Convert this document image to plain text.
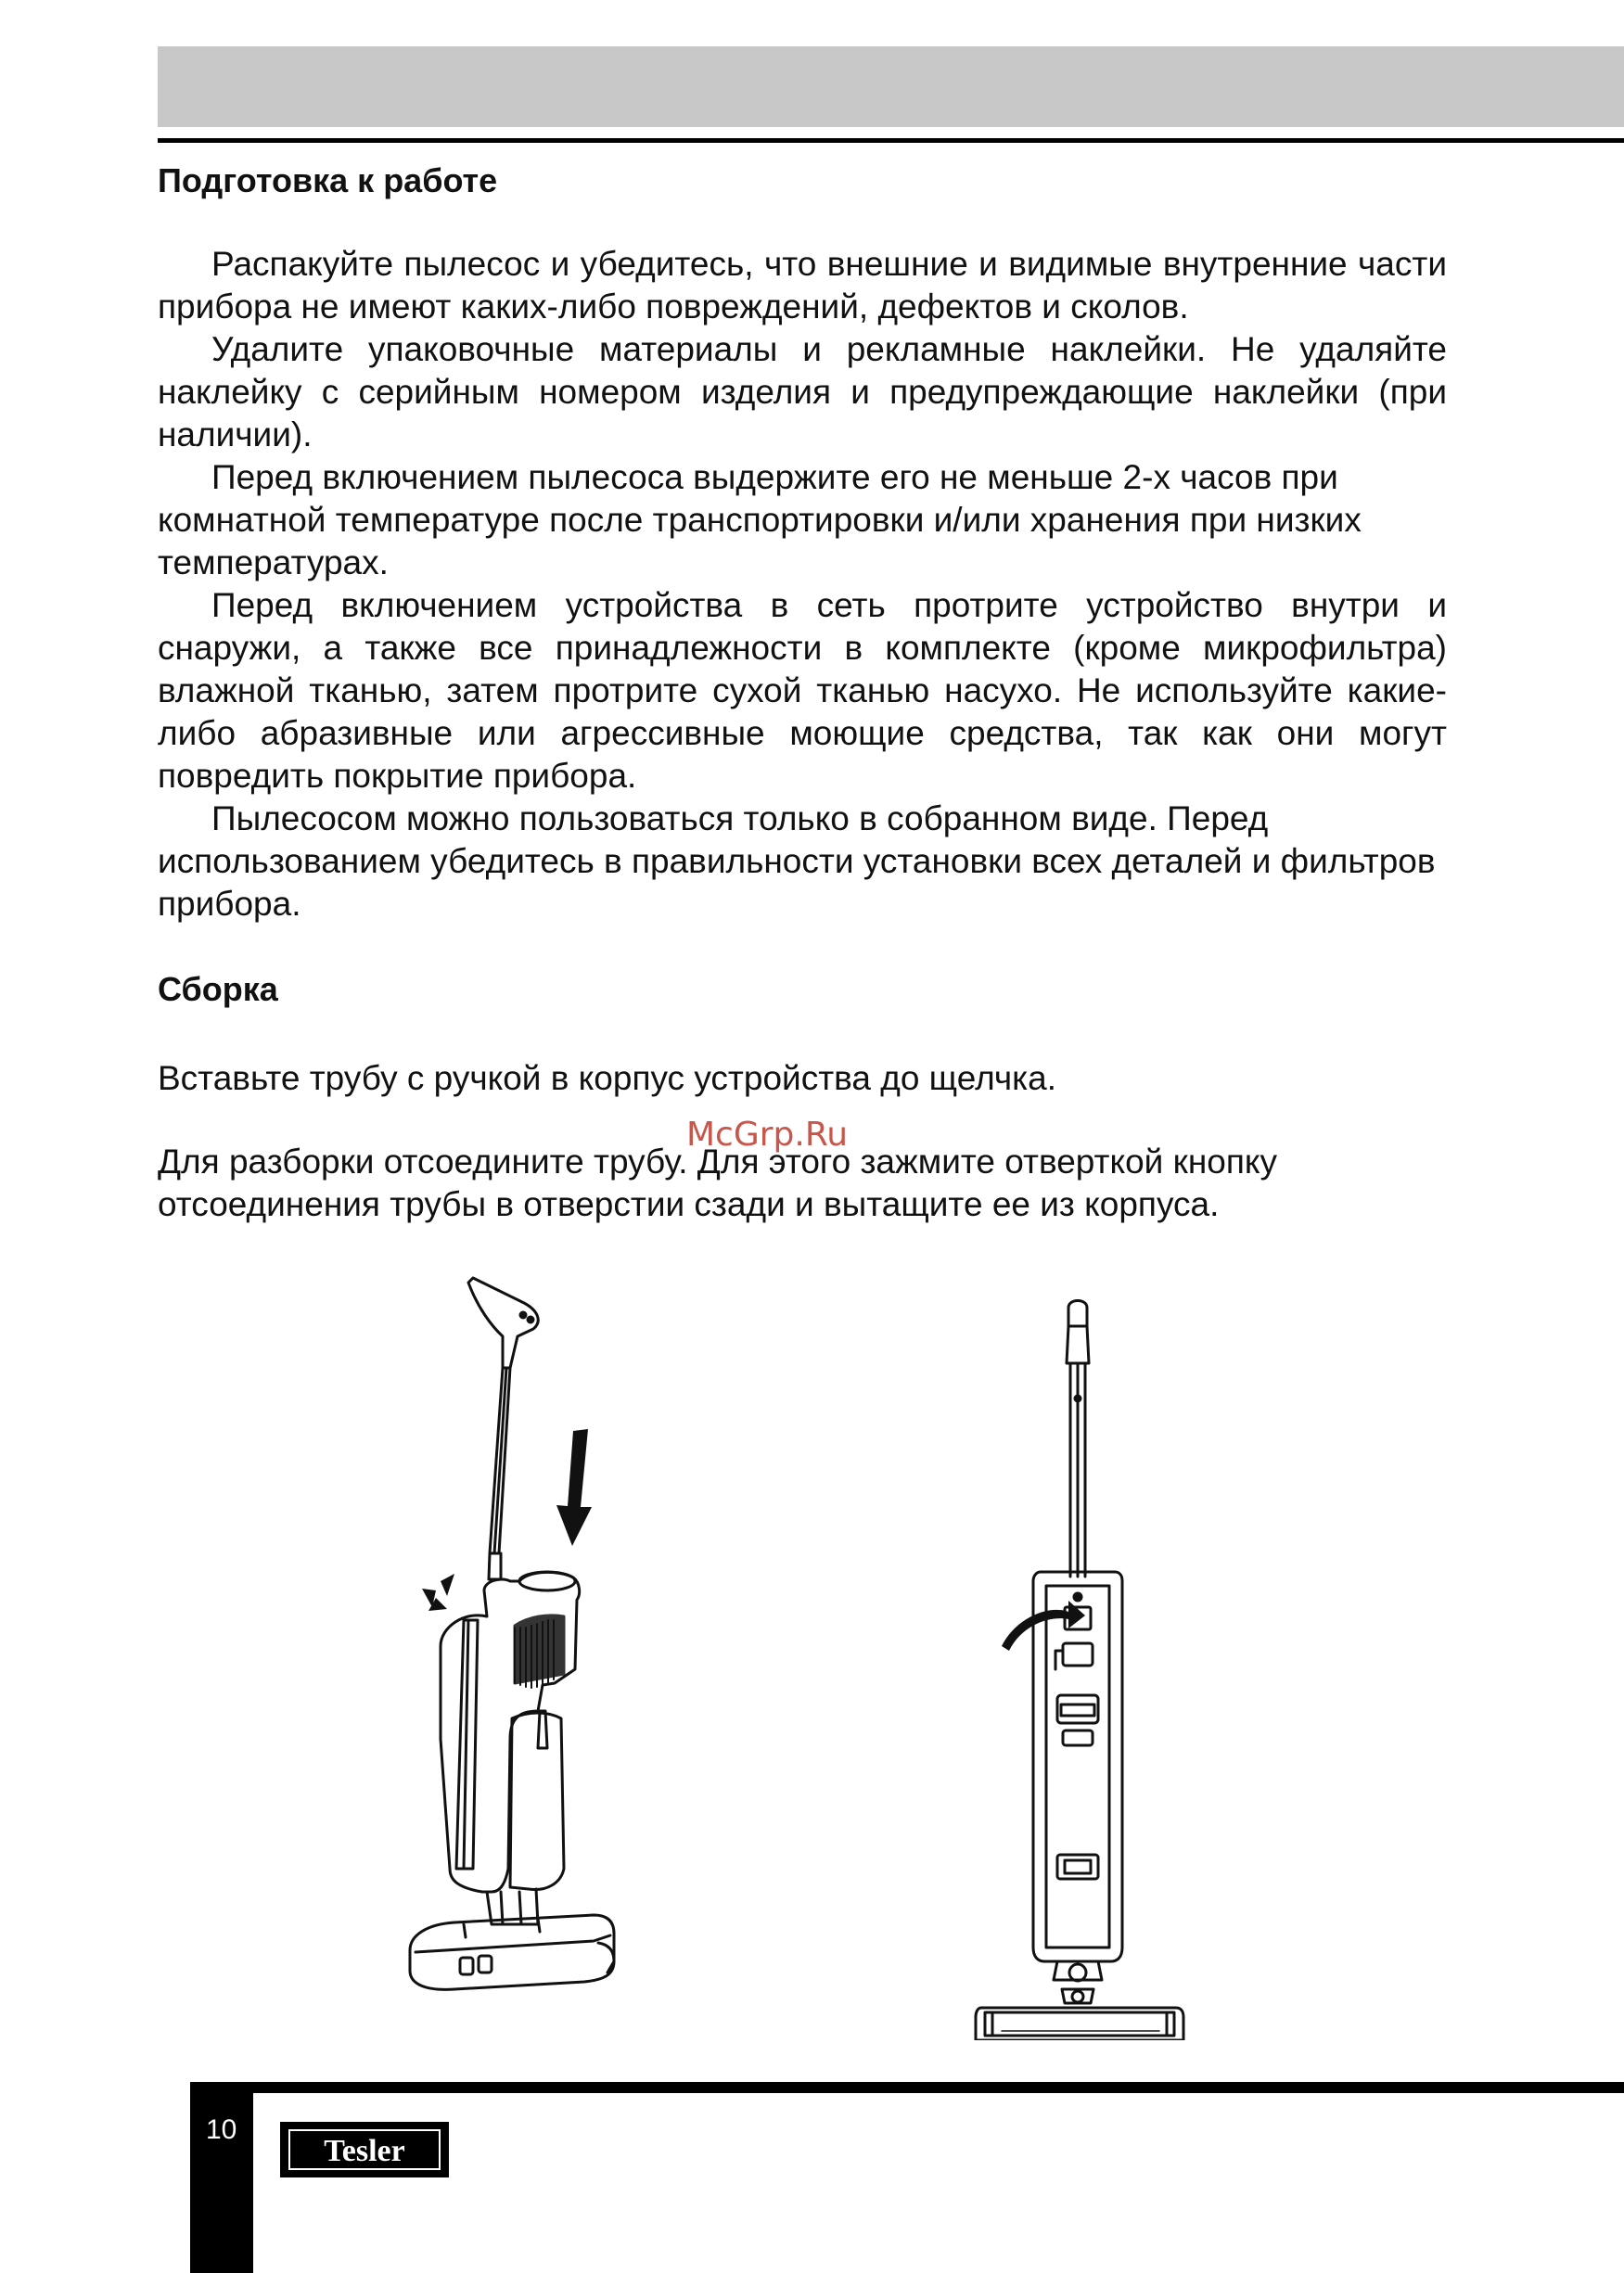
Подготовка к работе

Распакуйте пылесос и убедитесь, что внешние и видимые внутренние части прибора не имеют каких-либо повреждений, дефектов и сколов.

Удалите упаковочные материалы и рекламные наклейки. Не удаляйте наклейку с серийным номером изделия и предупреждающие наклейки (при наличии).

Перед включением пылесоса выдержите его не меньше 2-х часов при комнатной температуре после транспортировки и/или хранения при низких температурах.

Перед включением устройства в сеть протрите устройство внутри и снаружи, а также все принадлежности в комплекте (кроме микрофильтра) влажной тканью, затем протрите сухой тканью насухо. Не используйте какие-либо абразивные или агрессивные моющие средства, так как они могут повредить покрытие прибора.

Пылесосом можно пользоваться только в собранном виде. Перед использованием убедитесь в правильности установки всех деталей и фильтров прибора.

Сборка

Вставьте трубу с ручкой в корпус устройства до щелчка.

Для разборки отсоедините трубу. Для этого зажмите отверткой кнопку отсоединения трубы в отверстии сзади и вытащите ее из корпуса.

McGrp.Ru
10
Tesler
